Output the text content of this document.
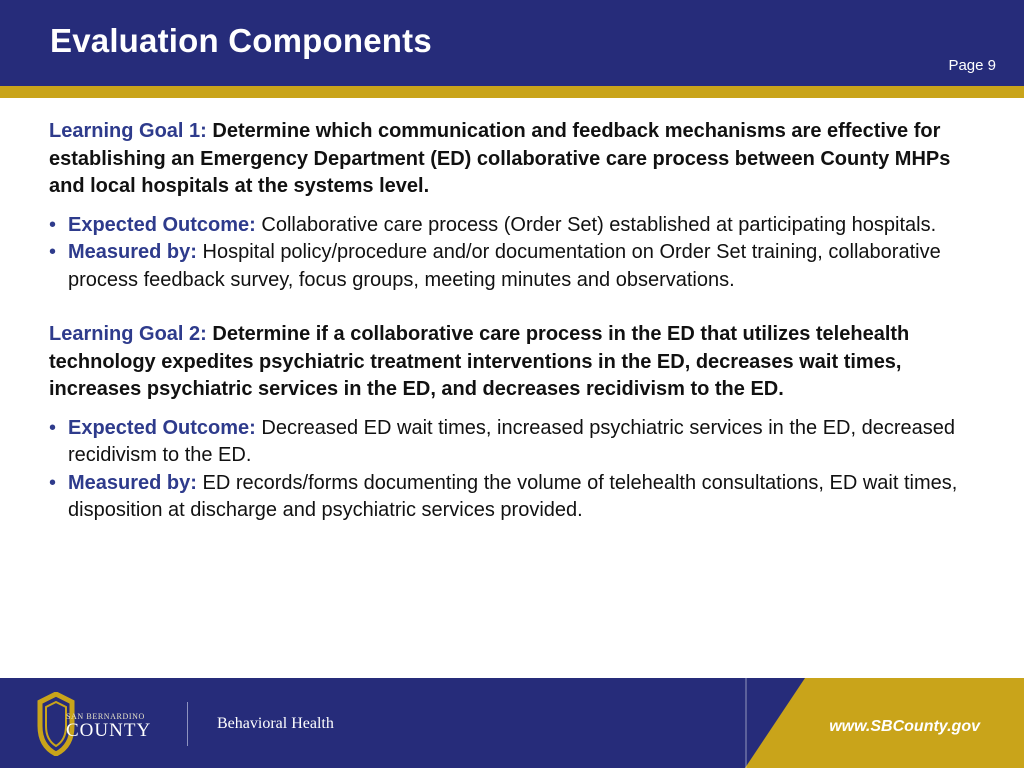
Evaluation Components
Page 9

Learning Goal 1: Determine which communication and feedback mechanisms are effective for establishing an Emergency Department (ED) collaborative care process between County MHPs and local hospitals at the systems level.

• Expected Outcome: Collaborative care process (Order Set) established at participating hospitals.
• Measured by: Hospital policy/procedure and/or documentation on Order Set training, collaborative process feedback survey, focus groups, meeting minutes and observations.

Learning Goal 2: Determine if a collaborative care process in the ED that utilizes telehealth technology expedites psychiatric treatment interventions in the ED, decreases wait times, increases psychiatric services in the ED, and decreases recidivism to the ED.

• Expected Outcome: Decreased ED wait times, increased psychiatric services in the ED, decreased recidivism to the ED.
• Measured by: ED records/forms documenting the volume of telehealth consultations, ED wait times, disposition at discharge and psychiatric services provided.
SAN BERNARDINO
COUNTY	Behavioral Health	www.SBCounty.gov
